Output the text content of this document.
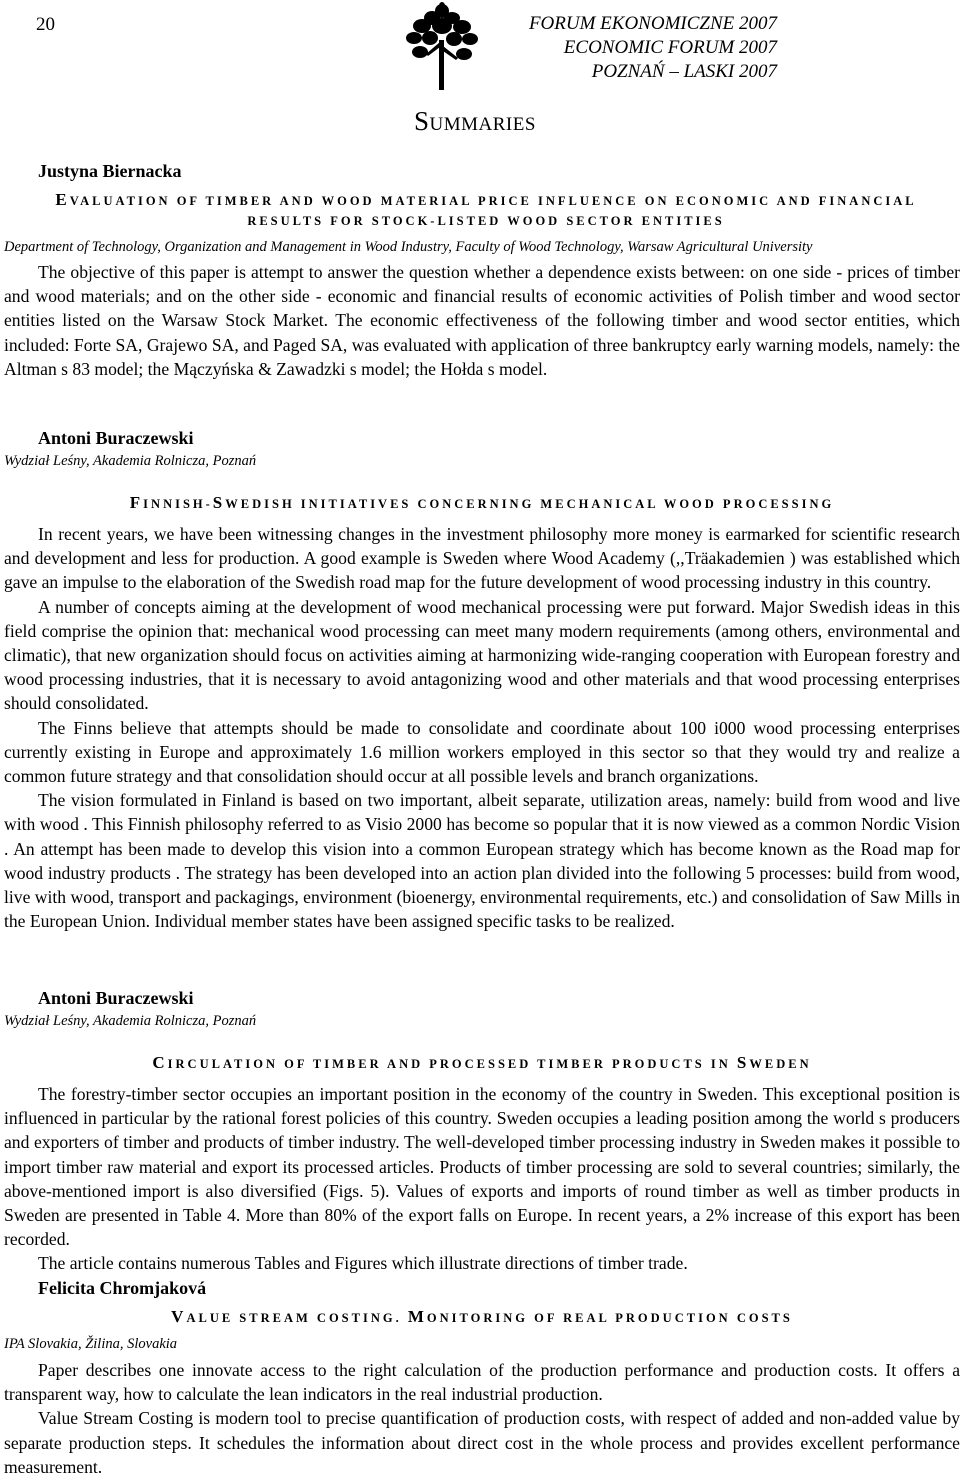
20	FORUM EKONOMICZNE 2007
ECONOMIC FORUM 2007
POZNAŃ – LASKI 2007
Summaries
Justyna Biernacka
EVALUATION OF TIMBER AND WOOD MATERIAL PRICE INFLUENCE ON ECONOMIC AND FINANCIAL RESULTS FOR STOCK-LISTED WOOD SECTOR ENTITIES
Department of Technology, Organization and Management in Wood Industry, Faculty of Wood Technology, Warsaw Agricultural University

The objective of this paper is attempt to answer the question whether a dependence exists between: on one side - prices of timber and wood materials; and on the other side - economic and financial results of economic activities of Polish timber and wood sector entities listed on the Warsaw Stock Market. The economic effectiveness of the following timber and wood sector entities, which included: Forte SA, Grajewo SA, and Paged SA, was evaluated with application of three bankruptcy early warning models, namely: the Altman s 83 model; the Mączyńska & Zawadzki s model; the Hołda s model.

Antoni Buraczewski
Wydział Leśny, Akademia Rolnicza, Poznań
FINNISH-SWEDISH INITIATIVES CONCERNING MECHANICAL WOOD PROCESSING

In recent years, we have been witnessing changes in the investment philosophy more money is earmarked for scientific research and development and less for production. A good example is Sweden where Wood Academy (,,Träakademien ) was established which gave an impulse to the elaboration of the Swedish road map for the future development of wood processing industry in this country.

A number of concepts aiming at the development of wood mechanical processing were put forward. Major Swedish ideas in this field comprise the opinion that: mechanical wood processing can meet many modern requirements (among others, environmental and climatic), that new organization should focus on activities aiming at harmonizing wide-ranging cooperation with European forestry and wood processing industries, that it is necessary to avoid antagonizing wood and other materials and that wood processing enterprises should consolidated.

The Finns believe that attempts should be made to consolidate and coordinate about 100 i000 wood processing enterprises currently existing in Europe and approximately 1.6 million workers employed in this sector so that they would try and realize a common future strategy and that consolidation should occur at all possible levels and branch organizations.

The vision formulated in Finland is based on two important, albeit separate, utilization areas, namely: build from wood and live with wood . This Finnish philosophy referred to as Visio 2000 has become so popular that it is now viewed as a common Nordic Vision . An attempt has been made to develop this vision into a common European strategy which has become known as the Road map for wood industry products . The strategy has been developed into an action plan divided into the following 5 processes: build from wood, live with wood, transport and packagings, environment (bioenergy, environmental requirements, etc.) and consolidation of Saw Mills in the European Union. Individual member states have been assigned specific tasks to be realized.

Antoni Buraczewski
Wydział Leśny, Akademia Rolnicza, Poznań
CIRCULATION OF TIMBER AND PROCESSED TIMBER PRODUCTS IN SWEDEN

The forestry-timber sector occupies an important position in the economy of the country in Sweden. This exceptional position is influenced in particular by the rational forest policies of this country. Sweden occupies a leading position among the world s producers and exporters of timber and products of timber industry. The well-developed timber processing industry in Sweden makes it possible to import timber raw material and export its processed articles. Products of timber processing are sold to several countries; similarly, the above-mentioned import is also diversified (Figs. 5). Values of exports and imports of round timber as well as timber products in Sweden are presented in Table 4. More than 80% of the export falls on Europe. In recent years, a 2% increase of this export has been recorded.

The article contains numerous Tables and Figures which illustrate directions of timber trade.

Felicita Chromjaková
VALUE STREAM COSTING. MONITORING OF REAL PRODUCTION COSTS
IPA Slovakia, Žilina, Slovakia

Paper describes one innovate access to the right calculation of the production performance and production costs. It offers a transparent way, how to calculate the lean indicators in the real industrial production.

Value Stream Costing is modern tool to precise quantification of production costs, with respect of added and non-added value by separate production steps. It schedules the information about direct cost in the whole process and provides excellent performance measurement.
